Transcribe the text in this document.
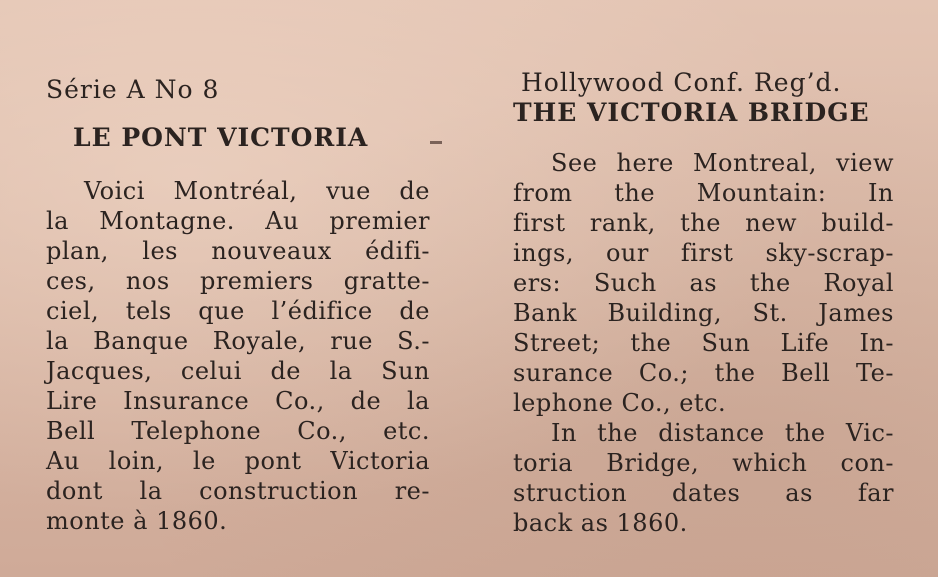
Série A No 8
LE PONT VICTORIA
Voici Montréal, vue de
la Montagne. Au premier
plan, les nouveaux édifi-
ces, nos premiers gratte-
ciel, tels que l’édifice de
la Banque Royale, rue S.-
Jacques, celui de la Sun
Lire Insurance Co., de la
Bell Telephone Co., etc.
Au loin, le pont Victoria
dont la construction re-
monte à 1860.
Hollywood Conf. Reg’d.
THE VICTORIA BRIDGE
See here Montreal, view
from the Mountain: In
first rank, the new build-
ings, our first sky-scrap-
ers: Such as the Royal
Bank Building, St. James
Street; the Sun Life In-
surance Co.; the Bell Te-
lephone Co., etc.
In the distance the Vic-
toria Bridge, which con-
struction dates as far
back as 1860.
